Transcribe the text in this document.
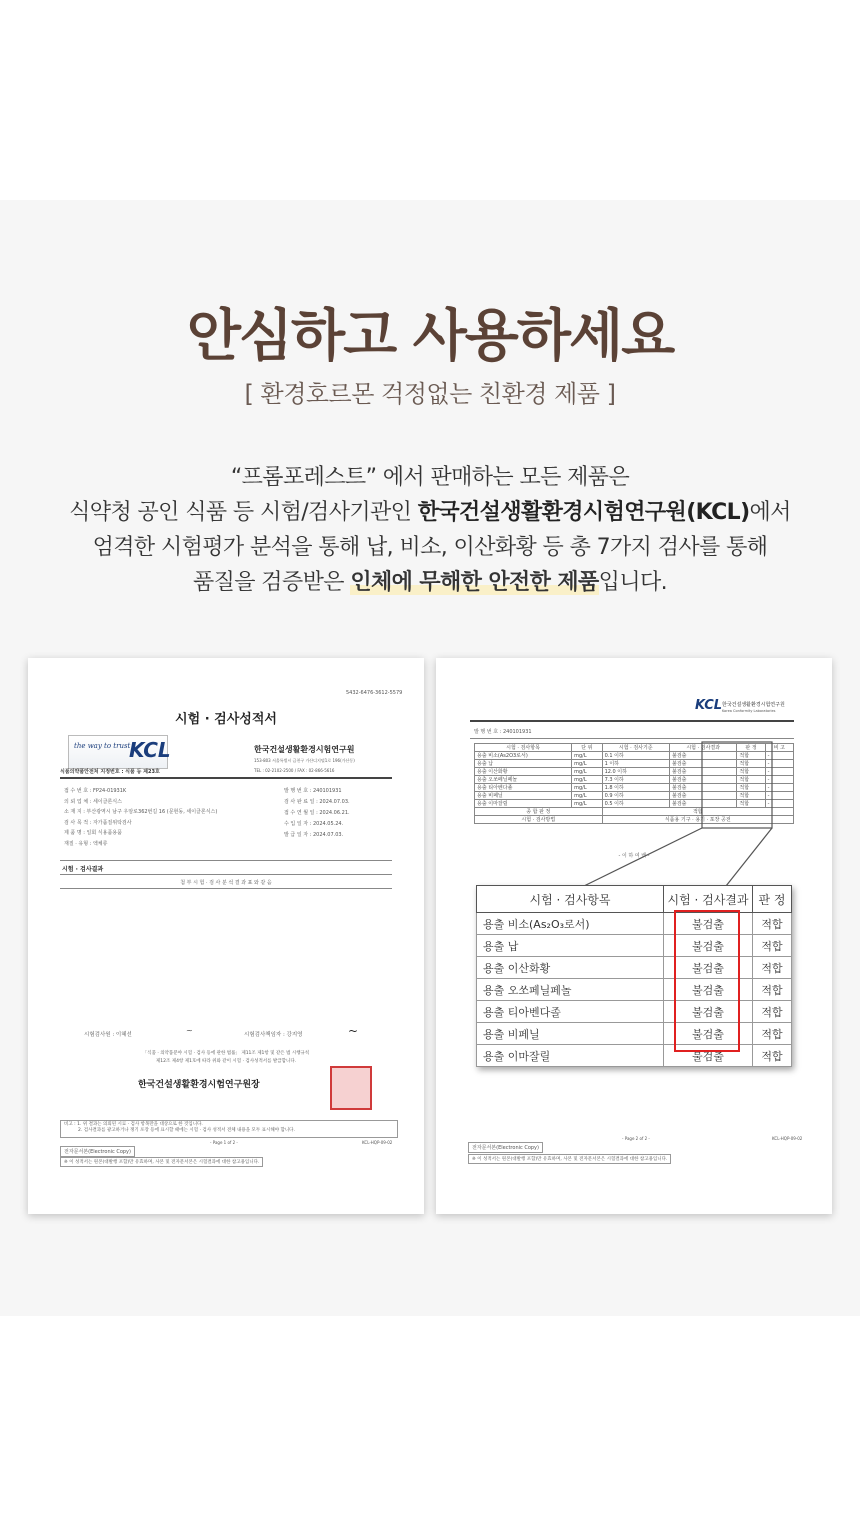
안심하고 사용하세요
[ 환경호르몬 걱정없는 친환경 제품 ]
“프롬포레스트” 에서 판매하는 모든 제품은
식약청 공인 식품 등 시험/검사기관인 한국건설생활환경시험연구원(KCL)에서
엄격한 시험평가 분석을 통해 납, 비소, 이산화황 등 총 7가지 검사를 통해
품질을 검증받은 인체에 무해한 안전한 제품입니다.
5432-6476-3612-5579
시험 · 검사성적서
the way to trust
KCL	한국건설생활환경시험연구원
153-803 서울특별시 금천구 가산디지털1로 196(가산동)
TEL : 02-2102-2500 / FAX : 02-866-5616
식품의약품안전처 지정번호 : 식품 등 제23호
접 수 번 호 : FP24-01931K
의 뢰 업 체 : 세이클론식스
소 재 지 : 부산광역시 남구 우암로362번길 16 (문현동, 세이클론식스)
검 사 목 적 : 자가품질위탁검사
제 품 명 : 일회 식용품용품
재질 · 유형 : 엑체류
발 행 번 호 : 240101931
검 사 완 료 일 : 2024.07.03.
접 수 연 월 일 : 2024.06.21.
수 입 일 자 : 2024.05.24.
발 급 일 자 : 2024.07.03.
시험 · 검사결과
첨 부 시 험 · 검 사 분 석 결 과 표 와 같 음
시험검사원 : 이혜선	~	시험검사책임자 : 강지영	~
「식품 · 의약품분야 시험 · 검사 등에 관한 법률」 제11조 제1항 및 같은 법 시행규칙
제12조 제4항 제1호에 따라 위와 같이 시험 · 검사성적서를 발급합니다.
한국건설생활환경시험연구원장
비고 : 1. 위 결과는 의뢰된 시료 · 검사 항목만을 대상으로 한 것입니다.
2. 검사결과를 광고하거나 쟁기 포장 등에 표시할 때에는 시험 · 검사 성적서 전체 내용을 모두 표시해야 합니다.
- Page 1 of 2 -	KCL-HQP-09-02
전자문서본(Electronic Copy)
※ 이 성적서는 원본(대발행 포함)만 유효하며, 사본 및 전자문서본은 시험결과에 대한 참고용입니다.
KCL 한국건설생활환경시험연구원
Korea Conformity Laboratories
발 행 번 호 : 240101931
시험 · 검사항목	단 위	시험 · 검사기준	시험 · 검사결과	판 정	비 고
용출 비소(As2O3로서)	mg/L	0.1 이하	불검출	적합	-
용출 납	mg/L	1 이하	불검출	적합	-
용출 이산화황	mg/L	12.0 이하	불검출	적합	-
용출 오쏘페닐페놀	mg/L	7.3 이하	불검출	적합	-
용출 티아벤다졸	mg/L	1.8 이하	불검출	적합	-
용출 비페닐	mg/L	0.9 이하	불검출	적합	-
용출 이마잘릴	mg/L	0.5 이하	불검출	적합	-
종 합 판 정		적합			
시험 · 검사방법		식품용 기구 · 용기 · 포장 공전			
- 이 하 여 백 -
- Page 2 of 2 -	KCL-HQP-09-02
전자문서본(Electronic Copy)
※ 이 성적서는 원본(대발행 포함)만 유효하며, 사본 및 전자문서본은 시험결과에 대한 참고용입니다.
시험 · 검사항목	시험 · 검사결과	판 정
용출 비소(As₂O₃로서)	불검출	적합
용출 납	불검출	적합
용출 이산화황	불검출	적합
용출 오쏘페닐페놀	불검출	적합
용출 티아벤다졸	불검출	적합
용출 비페닐	불검출	적합
용출 이마잘릴	불검출	적합
